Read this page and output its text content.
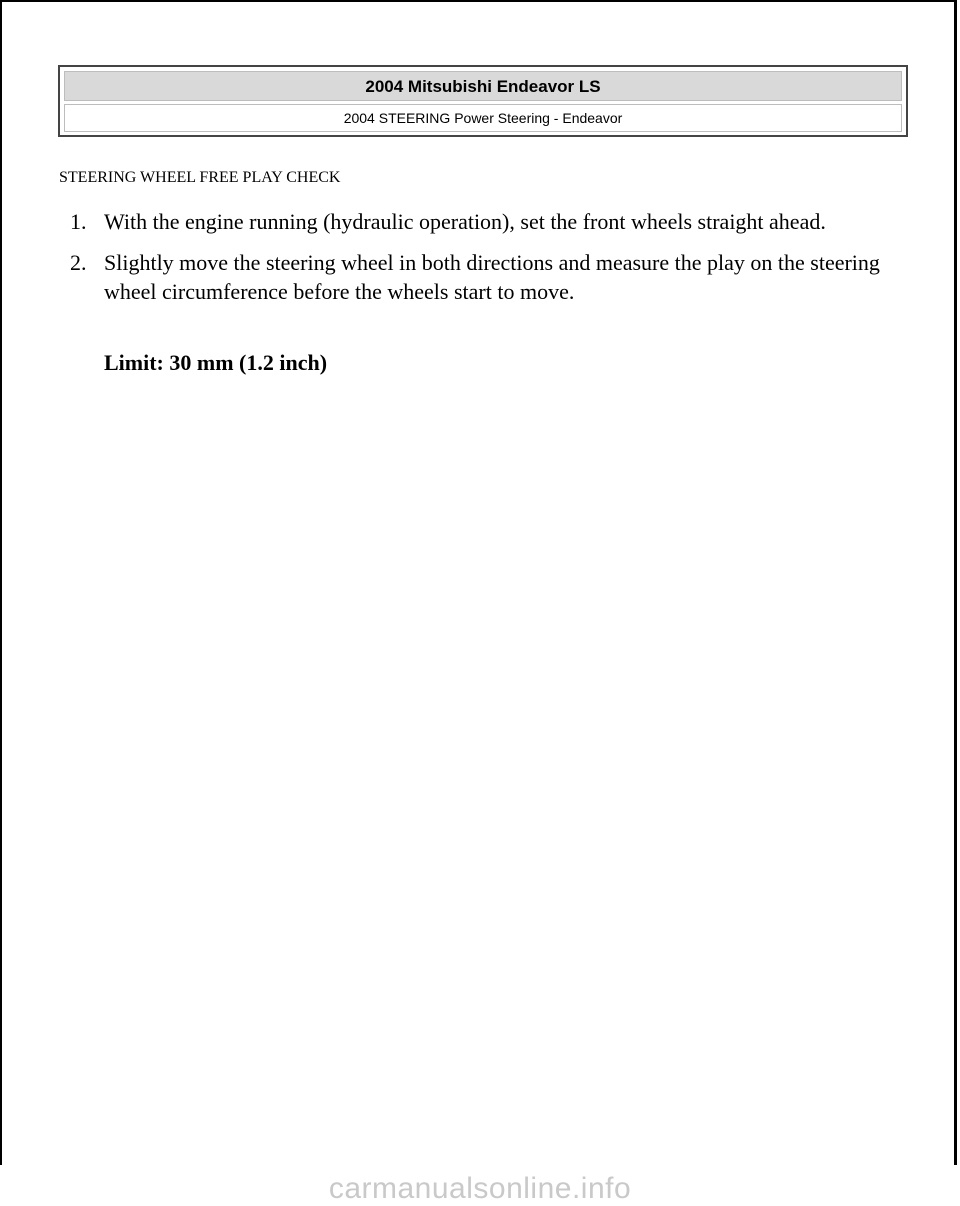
2004 Mitsubishi Endeavor LS
2004 STEERING Power Steering - Endeavor
STEERING WHEEL FREE PLAY CHECK
1. With the engine running (hydraulic operation), set the front wheels straight ahead.
2. Slightly move the steering wheel in both directions and measure the play on the steering wheel circumference before the wheels start to move.

Limit: 30 mm (1.2 inch)

carmanualsonline.info
